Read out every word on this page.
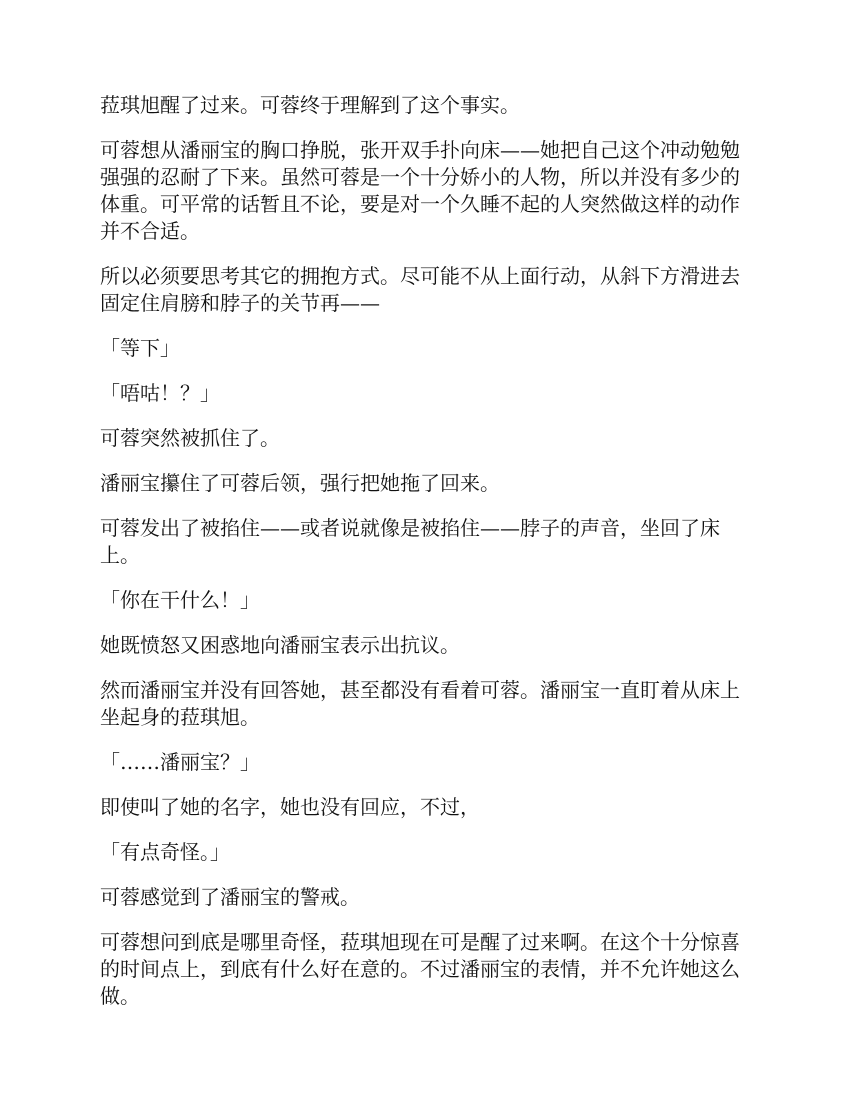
菈琪旭醒了过来。可蓉终于理解到了这个事实。

可蓉想从潘丽宝的胸口挣脱，张开双手扑向床——她把自己这个冲动勉勉强强的忍耐了下来。虽然可蓉是一个十分娇小的人物，所以并没有多少的体重。可平常的话暂且不论，要是对一个久睡不起的人突然做这样的动作并不合适。

所以必须要思考其它的拥抱方式。尽可能不从上面行动，从斜下方滑进去固定住肩膀和脖子的关节再——

「等下」

「唔咕！？」

可蓉突然被抓住了。

潘丽宝攥住了可蓉后领，强行把她拖了回来。

可蓉发出了被掐住——或者说就像是被掐住——脖子的声音，坐回了床上。

「你在干什么！」

她既愤怒又困惑地向潘丽宝表示出抗议。

然而潘丽宝并没有回答她，甚至都没有看着可蓉。潘丽宝一直盯着从床上坐起身的菈琪旭。

「……潘丽宝？」

即使叫了她的名字，她也没有回应，不过，

「有点奇怪。」

可蓉感觉到了潘丽宝的警戒。

可蓉想问到底是哪里奇怪，菈琪旭现在可是醒了过来啊。在这个十分惊喜的时间点上，到底有什么好在意的。不过潘丽宝的表情，并不允许她这么做。
